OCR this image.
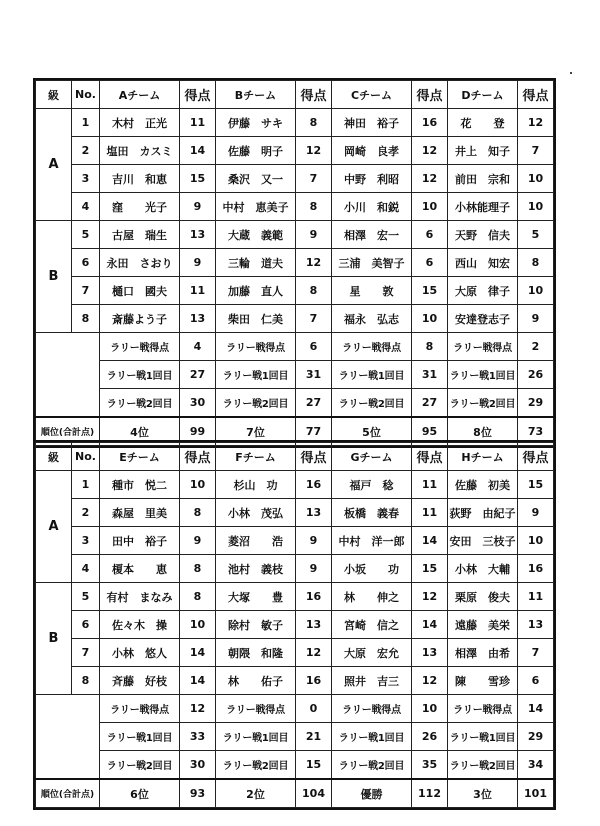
級	No.	Aチーム	得点	Bチーム	得点	Cチーム	得点	Dチーム	得点
A	1	木村　正光	11	伊藤　サキ	8	神田　裕子	16	花　　登	12
	2	塩田　カスミ	14	佐藤　明子	12	岡崎　良孝	12	井上　知子	7
	3	吉川　和恵	15	桑沢　又一	7	中野　利昭	12	前田　宗和	10
	4	窪　　光子	9	中村　恵美子	8	小川　和鋭	10	小林能理子	10
B	5	古屋　瑞生	13	大蔵　義範	9	相澤　宏一	6	天野　信夫	5
	6	永田　さおり	9	三輪　道夫	12	三浦　美智子	6	西山　知宏	8
	7	樋口　國夫	11	加藤　直人	8	星　　敦	15	大原　律子	10
	8	斎藤よう子	13	柴田　仁美	7	福永　弘志	10	安達登志子	9
		ラリー戦得点	4	ラリー戦得点	6	ラリー戦得点	8	ラリー戦得点	2
		ラリー戦1回目	27	ラリー戦1回目	31	ラリー戦1回目	31	ラリー戦1回目	26
		ラリー戦2回目	30	ラリー戦2回目	27	ラリー戦2回目	27	ラリー戦2回目	29
順位(合計点)		4位	99	7位	77	5位	95	8位	73
級	No.	Eチーム	得点	Fチーム	得点	Gチーム	得点	Hチーム	得点
A	1	種市　悦二	10	杉山　功	16	福戸　稔	11	佐藤　初美	15
	2	森屋　里美	8	小林　茂弘	13	板橋　義春	11	荻野　由紀子	9
	3	田中　裕子	9	菱沼　　浩	9	中村　洋一郎	14	安田　三枝子	10
	4	榎本　　恵	8	池村　義枝	9	小坂　　功	15	小林　大輔	16
B	5	有村　まなみ	8	大塚　　豊	16	林　　伸之	12	栗原　俊夫	11
	6	佐々木　操	10	除村　敏子	13	宮崎　信之	14	遠藤　美栄	13
	7	小林　悠人	14	朝隈　和隆	12	大原　宏允	13	相澤　由希	7
	8	斉藤　好枝	14	林　　佑子	16	照井　吉三	12	陳　　雪珍	6
		ラリー戦得点	12	ラリー戦得点	0	ラリー戦得点	10	ラリー戦得点	14
		ラリー戦1回目	33	ラリー戦1回目	21	ラリー戦1回目	26	ラリー戦1回目	29
		ラリー戦2回目	30	ラリー戦2回目	15	ラリー戦2回目	35	ラリー戦2回目	34
順位(合計点)		6位	93	2位	104	優勝	112	3位	101
